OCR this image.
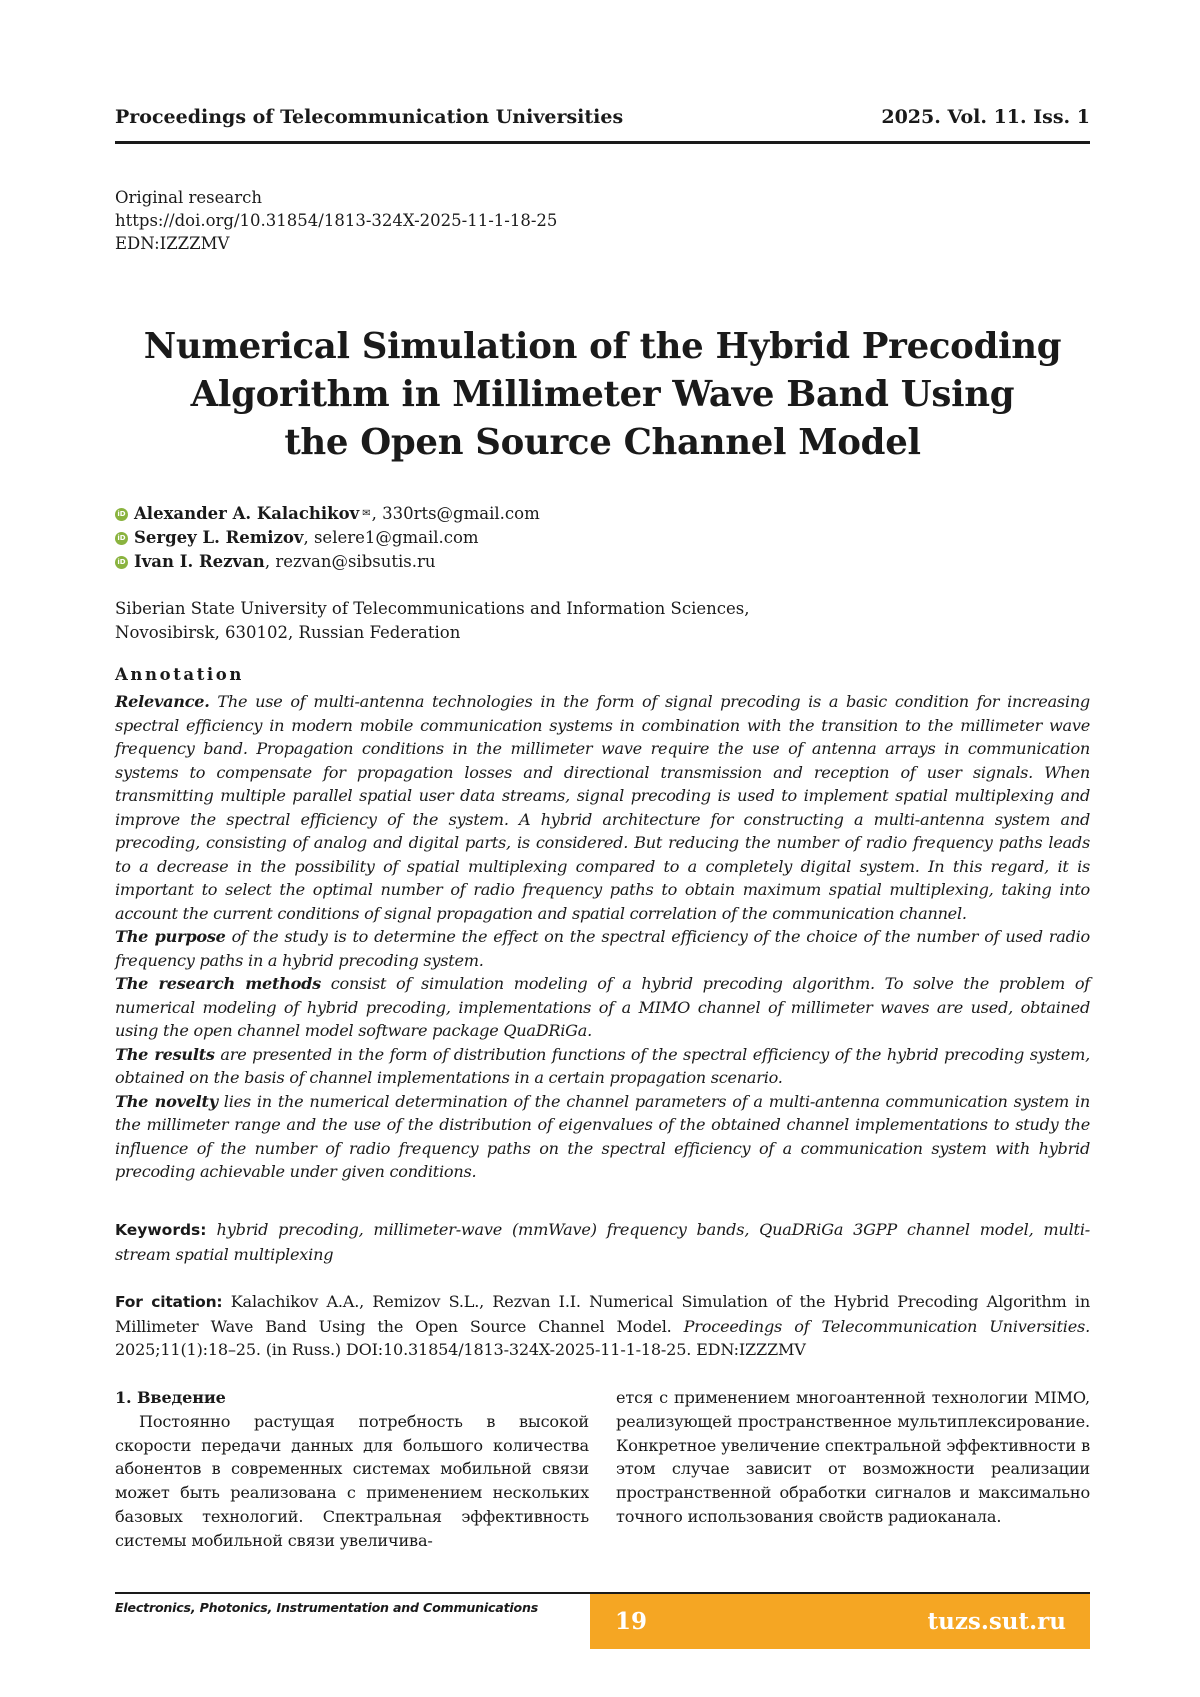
Proceedings of Telecommunication Universities	2025. Vol. 11. Iss. 1
Original research
https://doi.org/10.31854/1813-324X-2025-11-1-18-25
EDN:IZZZMV
Numerical Simulation of the Hybrid Precoding
Algorithm in Millimeter Wave Band Using
the Open Source Channel Model
iD Alexander A. Kalachikov ✉ , 330rts@gmail.com
iD Sergey L. Remizov , selere1@gmail.com
iD Ivan I. Rezvan , rezvan@sibsutis.ru
Siberian State University of Telecommunications and Information Sciences,
Novosibirsk, 630102, Russian Federation
Annotation

Relevance. The use of multi-antenna technologies in the form of signal precoding is a basic condition for increasing spectral efficiency in modern mobile communication systems in combination with the transition to the millimeter wave frequency band. Propagation conditions in the millimeter wave require the use of antenna arrays in communication systems to compensate for propagation losses and directional transmission and reception of user signals. When transmitting multiple parallel spatial user data streams, signal precoding is used to implement spatial multiplexing and improve the spectral efficiency of the system. A hybrid architecture for constructing a multi-antenna system and precoding, consisting of analog and digital parts, is considered. But reducing the number of radio frequency paths leads to a decrease in the possibility of spatial multiplexing compared to a completely digital system. In this regard, it is important to select the optimal number of radio frequency paths to obtain maximum spatial multiplexing, taking into account the current conditions of signal propagation and spatial correlation of the communication channel.

The purpose of the study is to determine the effect on the spectral efficiency of the choice of the number of used radio frequency paths in a hybrid precoding system.

The research methods consist of simulation modeling of a hybrid precoding algorithm. To solve the problem of numerical modeling of hybrid precoding, implementations of a MIMO channel of millimeter waves are used, obtained using the open channel model software package QuaDRiGa.

The results are presented in the form of distribution functions of the spectral efficiency of the hybrid precoding system, obtained on the basis of channel implementations in a certain propagation scenario.

The novelty lies in the numerical determination of the channel parameters of a multi-antenna communication system in the millimeter range and the use of the distribution of eigenvalues of the obtained channel implementations to study the influence of the number of radio frequency paths on the spectral efficiency of a communication system with hybrid precoding achievable under given conditions.

Keywords: hybrid precoding, millimeter-wave (mmWave) frequency bands, QuaDRiGa 3GPP channel model, multi-stream spatial multiplexing
For citation: Kalachikov A.A., Remizov S.L., Rezvan I.I. Numerical Simulation of the Hybrid Precoding Algorithm in Millimeter Wave Band Using the Open Source Channel Model. Proceedings of Telecommunication Universities. 2025;11(1):18–25. (in Russ.) DOI:10.31854/1813-324X-2025-11-1-18-25. EDN:IZZZMV
1. Введение

Постоянно растущая потребность в высокой скорости передачи данных для большого количества абонентов в современных системах мобильной связи может быть реализована с применением нескольких базовых технологий. Спектральная эффективность системы мобильной связи увеличива-

ется с применением многоантенной технологии MIMO, реализующей пространственное мультиплексирование. Конкретное увеличение спектральной эффективности в этом случае зависит от возможности реализации пространственной обработки сигналов и максимально точного использования свойств радиоканала.

Electronics, Photonics, Instrumentation and Communications
19	tuzs.sut.ru
